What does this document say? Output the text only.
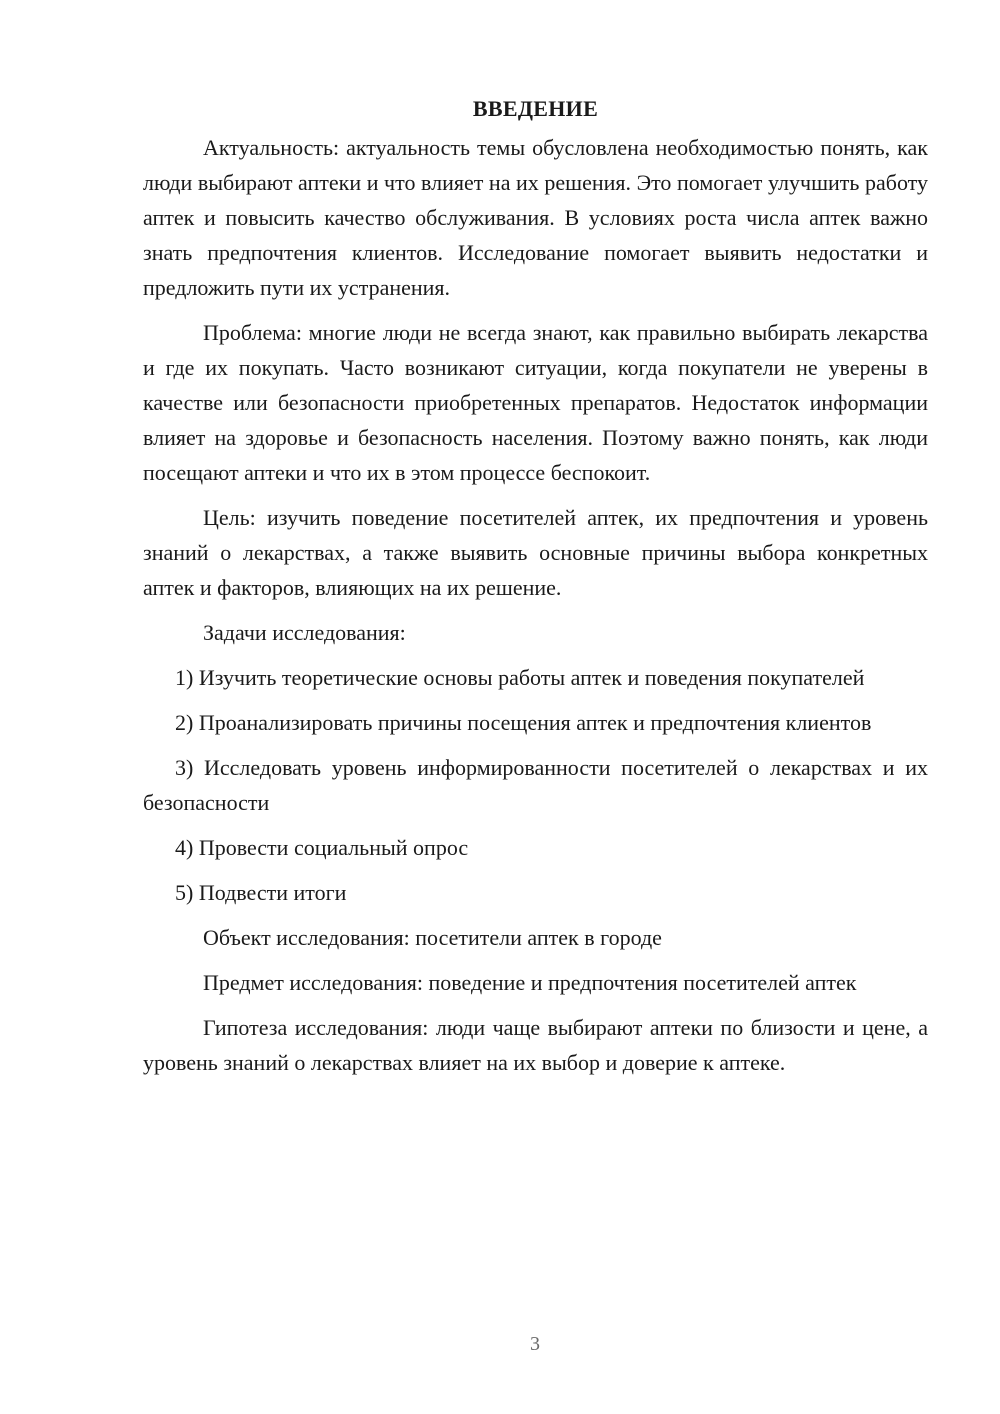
ВВЕДЕНИЕ

Актуальность: актуальность темы обусловлена необходимостью понять, как люди выбирают аптеки и что влияет на их решения. Это помогает улучшить работу аптек и повысить качество обслуживания. В условиях роста числа аптек важно знать предпочтения клиентов. Исследование помогает выявить недостатки и предложить пути их устранения.

Проблема: многие люди не всегда знают, как правильно выбирать лекарства и где их покупать. Часто возникают ситуации, когда покупатели не уверены в качестве или безопасности приобретенных препаратов. Недостаток информации влияет на здоровье и безопасность населения. Поэтому важно понять, как люди посещают аптеки и что их в этом процессе беспокоит.

Цель: изучить поведение посетителей аптек, их предпочтения и уровень знаний о лекарствах, а также выявить основные причины выбора конкретных аптек и факторов, влияющих на их решение.

Задачи исследования:

1) Изучить теоретические основы работы аптек и поведения покупателей

2) Проанализировать причины посещения аптек и предпочтения клиентов

3) Исследовать уровень информированности посетителей о лекарствах и их безопасности

4) Провести социальный опрос

5) Подвести итоги

Объект исследования: посетители аптек в городе

Предмет исследования: поведение и предпочтения посетителей аптек

Гипотеза исследования: люди чаще выбирают аптеки по близости и цене, а уровень знаний о лекарствах влияет на их выбор и доверие к аптеке.

3
